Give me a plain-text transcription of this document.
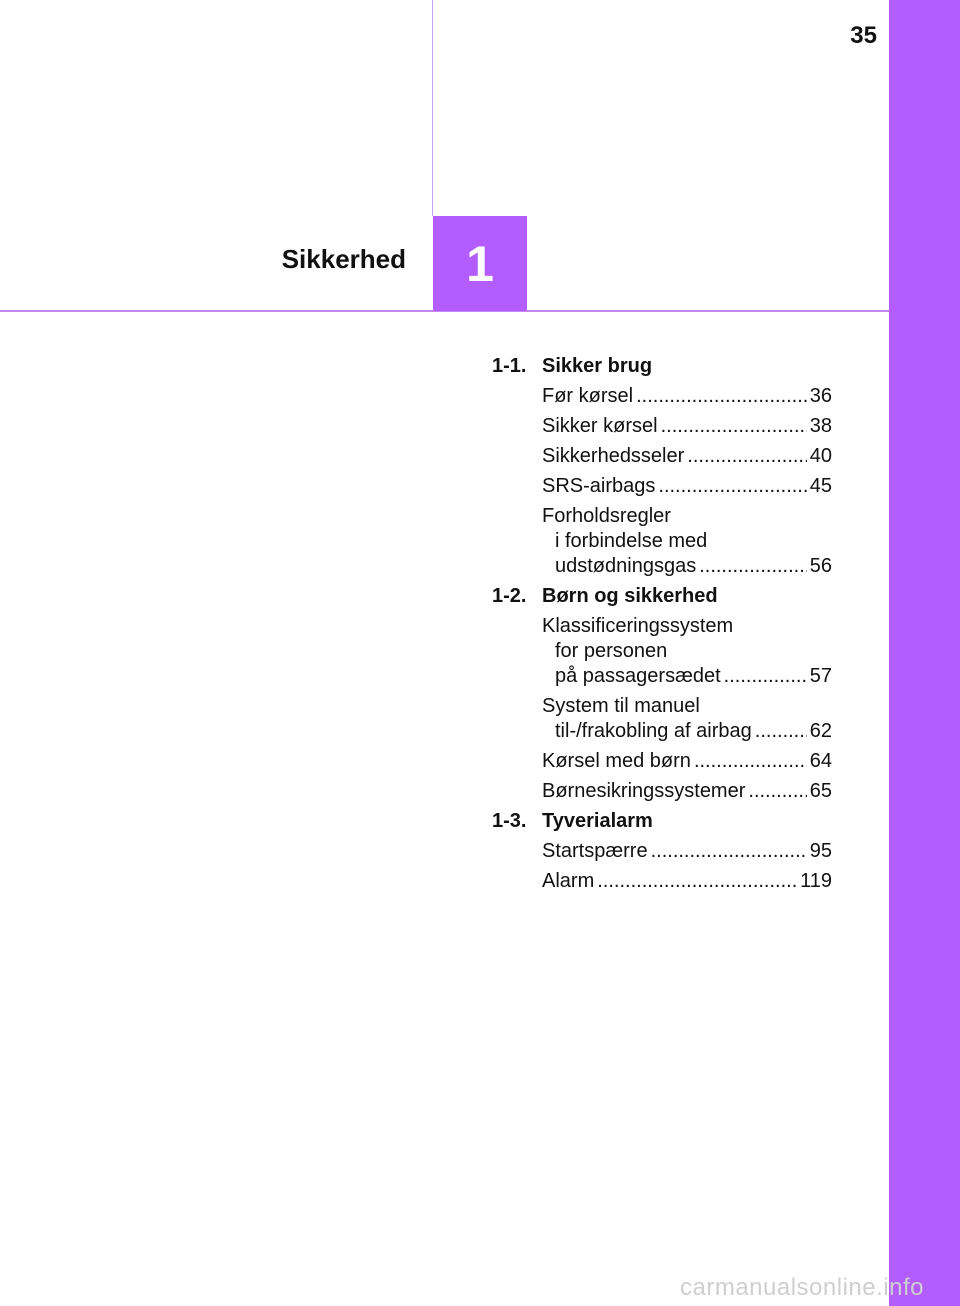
35
Sikkerhed 1
1-1. Sikker brug
Før kørsel .....	36
Sikker kørsel .....	38
Sikkerhedsseler .....	40
SRS-airbags .....	45
Forholdsregler
i forbindelse med
udstødningsgas .....	56
1-2. Børn og sikkerhed
Klassificeringssystem
for personen
på passagersædet .....	57
System til manuel
til-/frakobling af airbag .....	62
Kørsel med børn .....	64
Børnesikringssystemer .....	65
1-3. Tyverialarm
Startspærre .....	95
Alarm .....	119
carmanualsonline.info
